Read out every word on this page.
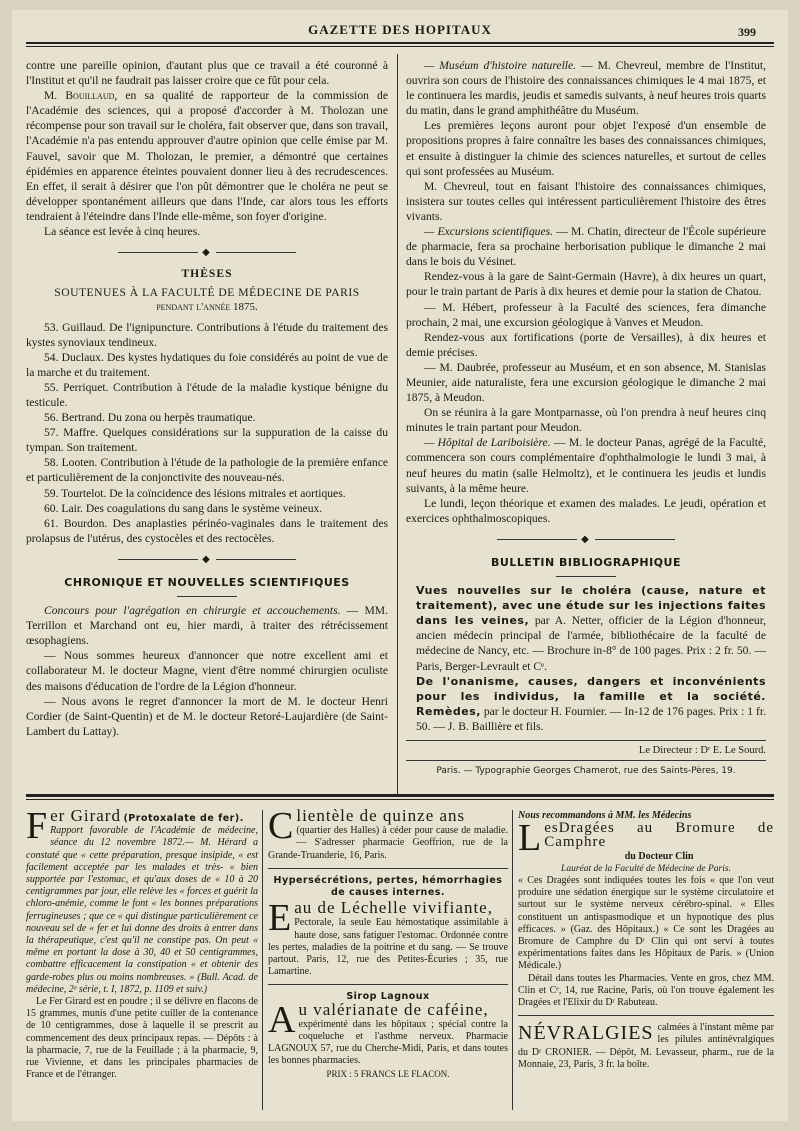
GAZETTE DES HOPITAUX	399

contre une pareille opinion, d'autant plus que ce travail a été couronné à l'Institut et qu'il ne faudrait pas laisser croire que ce fût pour cela.

M. Bouillaud, en sa qualité de rapporteur de la commission de l'Académie des sciences, qui a proposé d'accorder à M. Tholozan une récompense pour son travail sur le choléra, fait observer que, dans son travail, l'Académie n'a pas entendu approuver d'autre opinion que celle émise par M. Fauvel, savoir que M. Tholozan, le premier, a démontré que certaines épidémies en apparence éteintes pouvaient donner lieu à des recrudescences. En effet, il serait à désirer que l'on pût démontrer que le choléra ne peut se développer spontanément ailleurs que dans l'Inde, car alors tous les efforts tendraient à l'éteindre dans l'Inde elle-même, son foyer d'origine.

La séance est levée à cinq heures.

◆
THÈSES
SOUTENUES À LA FACULTÉ DE MÉDECINE DE PARIS
pendant l'année 1875.

53. Guillaud. De l'ignipuncture. Contributions à l'étude du traitement des kystes synoviaux tendineux.

54. Duclaux. Des kystes hydatiques du foie considérés au point de vue de la marche et du traitement.

55. Perriquet. Contribution à l'étude de la maladie kystique bénigne du testicule.

56. Bertrand. Du zona ou herpès traumatique.

57. Maffre. Quelques considérations sur la suppuration de la caisse du tympan. Son traitement.

58. Looten. Contribution à l'étude de la pathologie de la première enfance et particulièrement de la conjonctivite des nouveau-nés.

59. Tourtelot. De la coïncidence des lésions mitrales et aortiques.

60. Lair. Des coagulations du sang dans le système veineux.

61. Bourdon. Des anaplasties périnéo-vaginales dans le traitement des prolapsus de l'utérus, des cystocèles et des rectocèles.

◆
CHRONIQUE ET NOUVELLES SCIENTIFIQUES

Concours pour l'agrégation en chirurgie et accouchements. — MM. Terrillon et Marchand ont eu, hier mardi, à traiter des rétrécissement œsophagiens.

— Nous sommes heureux d'annoncer que notre excellent ami et collaborateur M. le docteur Magne, vient d'être nommé chirurgien oculiste des maisons d'éducation de l'ordre de la Légion d'honneur.

— Nous avons le regret d'annoncer la mort de M. le docteur Henri Cordier (de Saint-Quentin) et de M. le docteur Retoré-Laujardière (de Saint-Lambert du Lattay).

— Muséum d'histoire naturelle. — M. Chevreul, membre de l'Institut, ouvrira son cours de l'histoire des connaissances chimiques le 4 mai 1875, et le continuera les mardis, jeudis et samedis suivants, à neuf heures trois quarts du matin, dans le grand amphithéâtre du Muséum.

Les premières leçons auront pour objet l'exposé d'un ensemble de propositions propres à faire connaître les bases des connaissances chimiques, et ensuite à distinguer la chimie des sciences naturelles, et surtout de celles qui sont professées au Muséum.

M. Chevreul, tout en faisant l'histoire des connaissances chimiques, insistera sur toutes celles qui intéressent particulièrement l'histoire des êtres vivants.

— Excursions scientifiques. — M. Chatin, directeur de l'École supérieure de pharmacie, fera sa prochaine herborisation publique le dimanche 2 mai dans le bois du Vésinet.

Rendez-vous à la gare de Saint-Germain (Havre), à dix heures un quart, pour le train partant de Paris à dix heures et demie pour la station de Chatou.

— M. Hébert, professeur à la Faculté des sciences, fera dimanche prochain, 2 mai, une excursion géologique à Vanves et Meudon.

Rendez-vous aux fortifications (porte de Versailles), à dix heures et demie précises.

— M. Daubrée, professeur au Muséum, et en son absence, M. Stanislas Meunier, aide naturaliste, fera une excursion géologique le dimanche 2 mai 1875, à Meudon.

On se réunira à la gare Montparnasse, où l'on prendra à neuf heures cinq minutes le train partant pour Meudon.

— Hôpital de Lariboisière. — M. le docteur Panas, agrégé de la Faculté, commencera son cours complémentaire d'ophthalmologie le lundi 3 mai, à neuf heures du matin (salle Helmoltz), et le continuera les jeudis et lundis suivants, à la même heure.

Le lundi, leçon théorique et examen des malades. Le jeudi, opération et exercices ophthalmoscopiques.

◆
BULLETIN BIBLIOGRAPHIQUE

Vues nouvelles sur le choléra (cause, nature et traitement), avec une étude sur les injections faites dans les veines, par A. Netter, officier de la Légion d'honneur, ancien médecin principal de l'armée, bibliothécaire de la faculté de médecine de Nancy, etc. — Brochure in-8° de 100 pages. Prix : 2 fr. 50. — Paris, Berger-Levrault et Cᵉ.

De l'onanisme, causes, dangers et inconvénients pour les individus, la famille et la société. Remèdes, par le docteur H. Fournier. — In-12 de 176 pages. Prix : 1 fr. 50. — J. B. Baillière et fils.

Le Directeur : Dʳ E. Le Sourd.
Paris. — Typographie Georges Chamerot, rue des Saints-Pères, 19.
Fer Girard (Protoxalate de fer).

Rapport favorable de l'Académie de médecine, séance du 12 novembre 1872.— M. Hérard a constaté que « cette préparation, presque insipide, « est facilement acceptée par les malades et très- « bien supportée par l'estomac, et qu'aux doses de « 10 à 20 centigrammes par jour, elle relève les « forces et guérit la chloro-anémie, comme le font « les bonnes préparations ferrugineuses ; que ce « qui distingue particulièrement ce nouveau sel de « fer et lui donne des droits à entrer dans la thérapeutique, c'est qu'il ne constipe pas. On peut « même en portant la dose à 30, 40 et 50 centigrammes, combattre efficacement la constipation « et obtenir des garde-robes plus ou moins nombreuses. » (Bull. Acad. de médecine, 2ᵉ série, t. I, 1872, p. 1109 et suiv.)

Le Fer Girard est en poudre ; il se délivre en flacons de 15 grammes, munis d'une petite cuiller de la contenance de 10 centigrammes, dose à laquelle il se prescrit au commencement des deux principaux repas. — Dépôts : à la pharmacie, 7, rue de la Feuillade ; à la pharmacie, 9, rue Vivienne, et dans les principales pharmacies de France et de l'étranger.

Clientèle de quinze ans

(quartier des Halles) à céder pour cause de maladie. — S'adresser pharmacie Geoffrion, rue de la Grande-Truanderie, 16, Paris.

Hypersécrétions, pertes, hémorrhagies de causes internes.
Eau de Léchelle vivifiante,

Pectorale, la seule Eau hémostatique assimilable à haute dose, sans fatiguer l'estomac. Ordonnée contre les pertes, maladies de la poitrine et du sang. — Se trouve partout. Paris, 12, rue des Petites-Écuries ; 35, rue Lamartine.

Sirop Lagnoux
Au valérianate de caféine,

expérimenté dans les hôpitaux ; spécial contre la coqueluche et l'asthme nerveux. Pharmacie LAGNOUX 57, rue du Cherche-Midi, Paris, et dans toutes les bonnes pharmacies.

PRIX : 5 FRANCS LE FLACON.
Nous recommandons à MM. les Médecins
LesDragées au Bromure de Camphre
du Docteur Clin
Lauréat de la Faculté de Médecine de Paris.

« Ces Dragées sont indiquées toutes les fois « que l'on veut produire une sédation énergique sur le système circulatoire et surtout sur le système nerveux cérébro-spinal. « Elles constituent un antispasmodique et un hypnotique des plus efficaces. » (Gaz. des Hôpitaux.) « Ce sont les Dragées au Bromure de Camphre du Dʳ Clin qui ont servi à toutes expérimentations faites dans les Hôpitaux de Paris. » (Union Médicale.)

Détail dans toutes les Pharmacies. Vente en gros, chez MM. Clin et Cᵉ, 14, rue Racine, Paris, où l'on trouve également les Dragées et l'Elixir du Dʳ Rabuteau.

NÉVRALGIES calmées à l'instant même par les pilules antinévralgiques du Dʳ CRONIER. — Dépôt, M. Levasseur, pharm., rue de la Monnaie, 23, Paris, 3 fr. la boîte.
